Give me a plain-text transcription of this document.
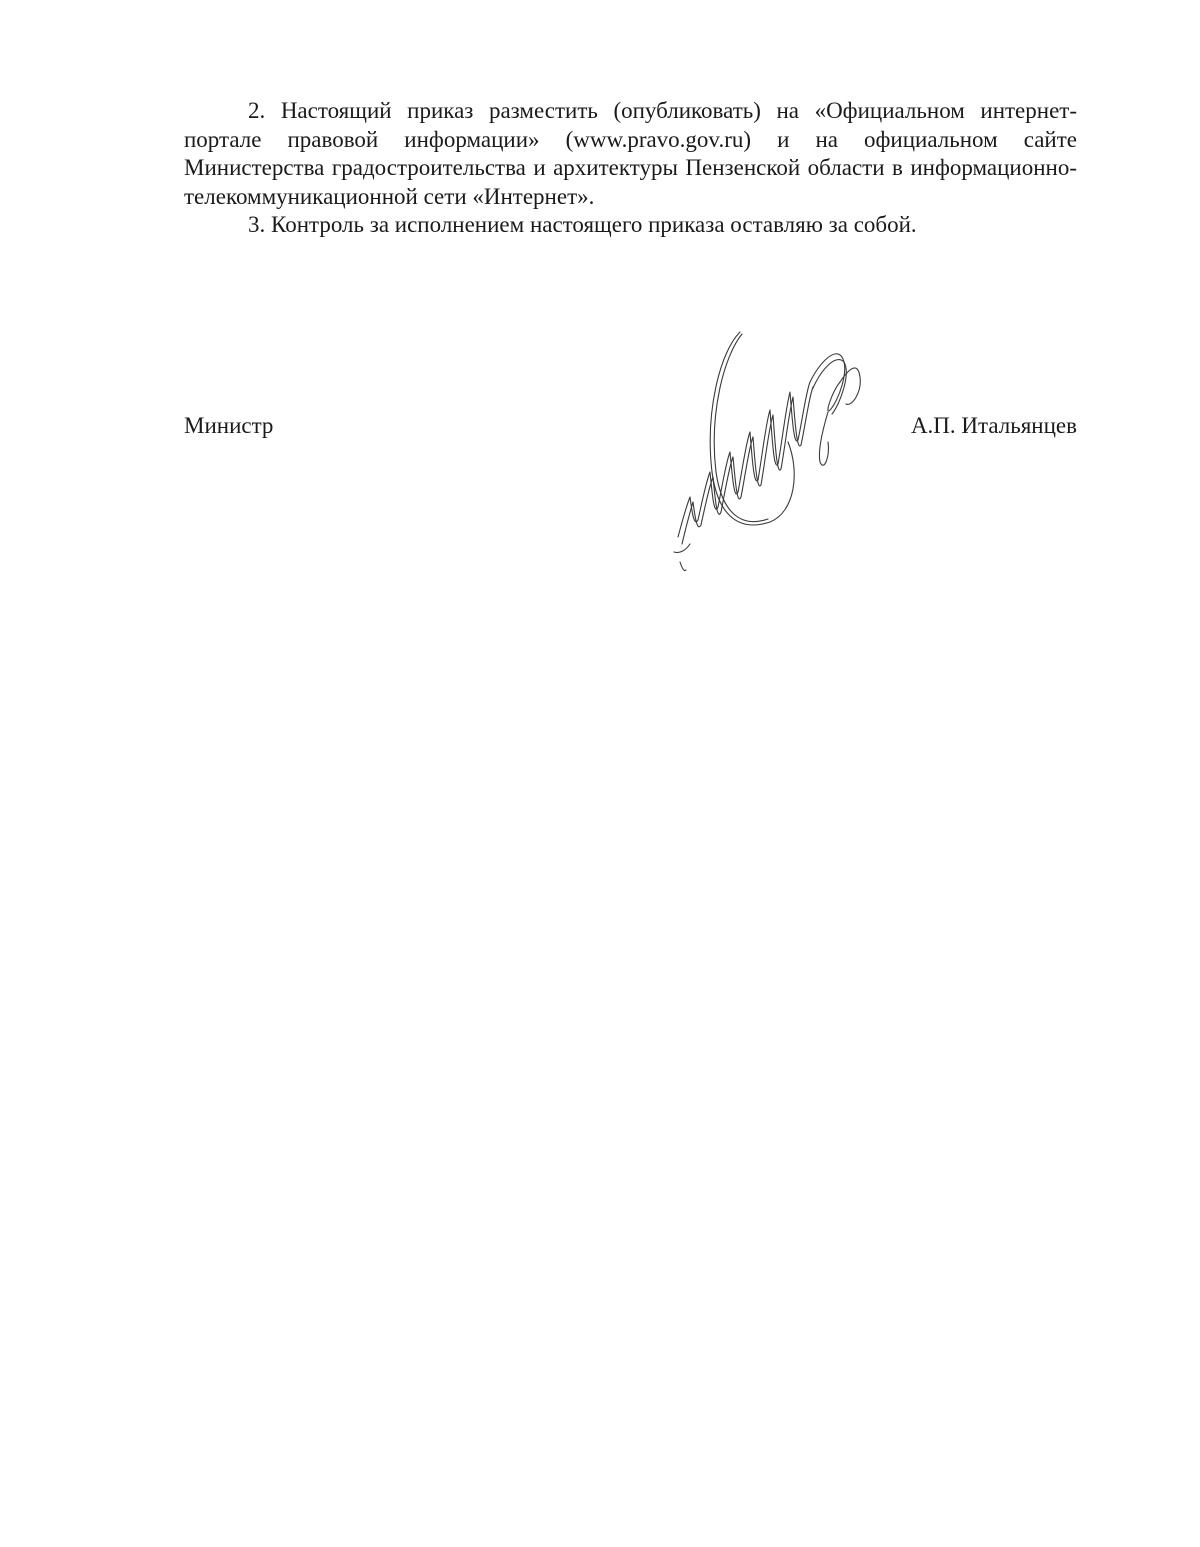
2. Настоящий приказ разместить (опубликовать) на «Официальном интернет-портале правовой информации» (www.pravo.gov.ru) и на официальном сайте Министерства градостроительства и архитектуры Пензенской области в информационно-телекоммуникационной сети «Интернет».

3. Контроль за исполнением настоящего приказа оставляю за собой.

Министр	А.П. Итальянцев
